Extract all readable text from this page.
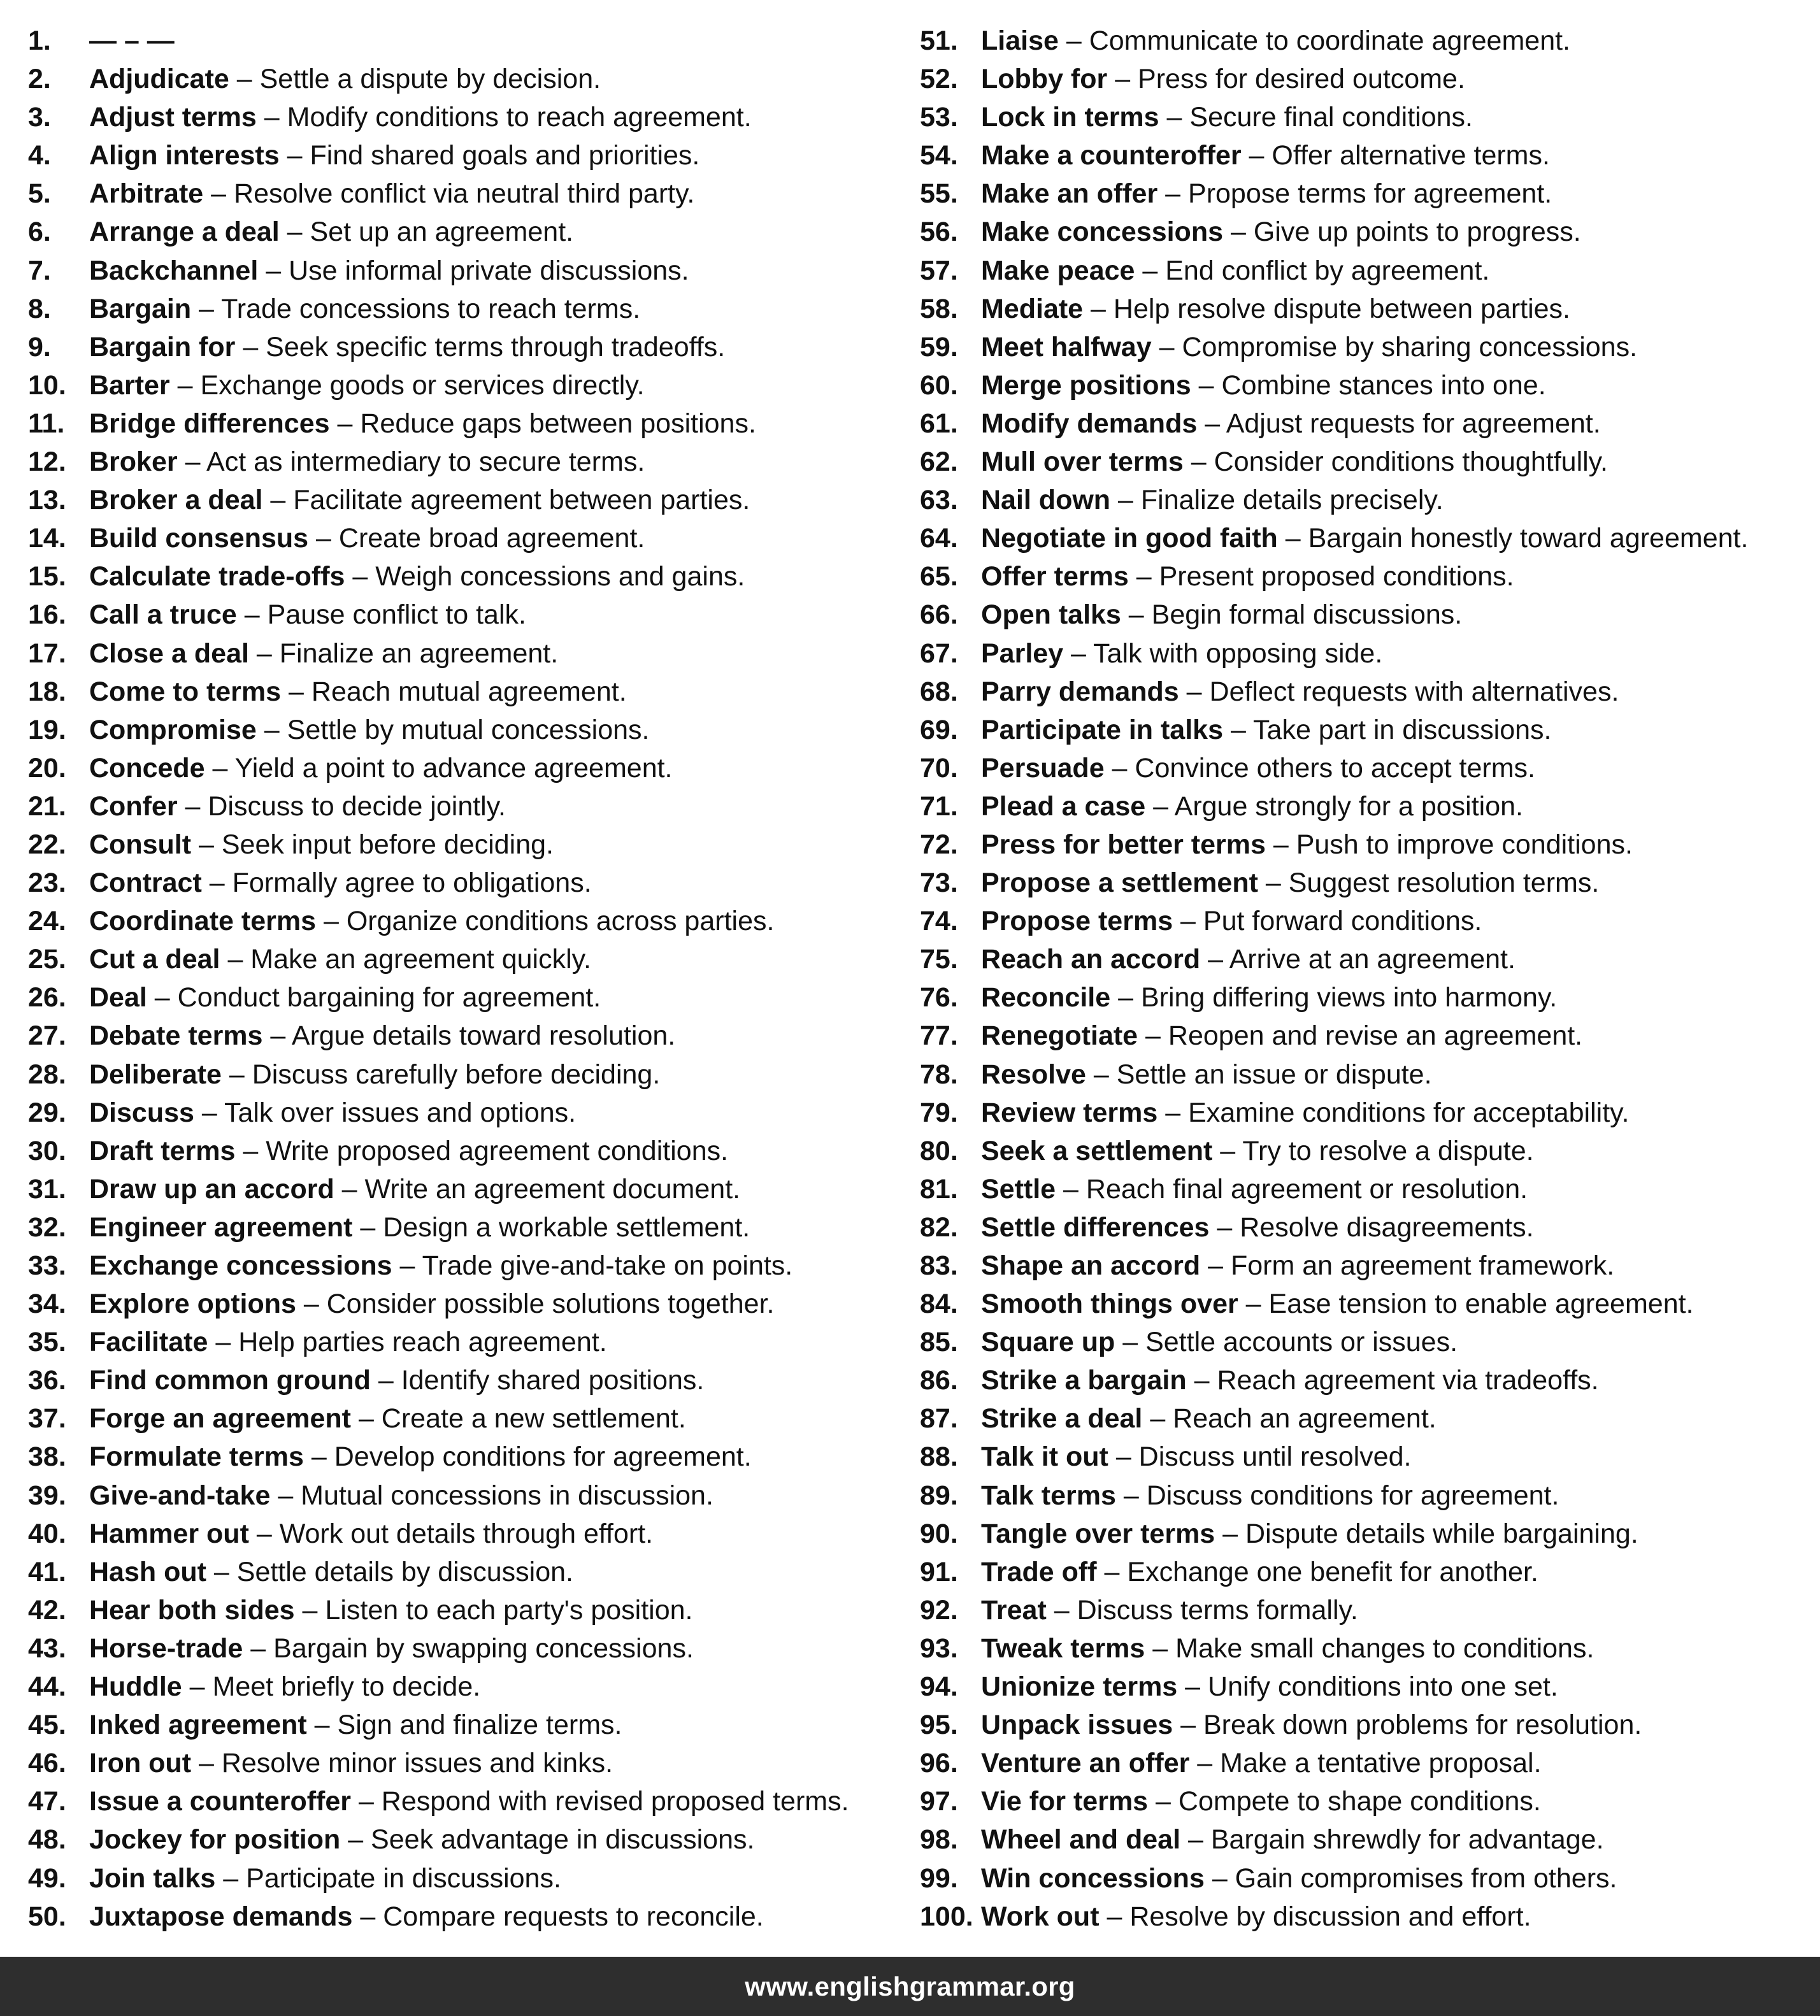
1.	— – —
2.	Adjudicate – Settle a dispute by decision.
3.	Adjust terms – Modify conditions to reach agreement.
4.	Align interests – Find shared goals and priorities.
5.	Arbitrate – Resolve conflict via neutral third party.
6.	Arrange a deal – Set up an agreement.
7.	Backchannel – Use informal private discussions.
8.	Bargain – Trade concessions to reach terms.
9.	Bargain for – Seek specific terms through tradeoffs.
10. Barter – Exchange goods or services directly.
11. Bridge differences – Reduce gaps between positions.
12. Broker – Act as intermediary to secure terms.
13. Broker a deal – Facilitate agreement between parties.
14. Build consensus – Create broad agreement.
15. Calculate trade-offs – Weigh concessions and gains.
16. Call a truce – Pause conflict to talk.
17. Close a deal – Finalize an agreement.
18. Come to terms – Reach mutual agreement.
19. Compromise – Settle by mutual concessions.
20. Concede – Yield a point to advance agreement.
21. Confer – Discuss to decide jointly.
22. Consult – Seek input before deciding.
23. Contract – Formally agree to obligations.
24. Coordinate terms – Organize conditions across parties.
25. Cut a deal – Make an agreement quickly.
26. Deal – Conduct bargaining for agreement.
27. Debate terms – Argue details toward resolution.
28. Deliberate – Discuss carefully before deciding.
29. Discuss – Talk over issues and options.
30. Draft terms – Write proposed agreement conditions.
31. Draw up an accord – Write an agreement document.
32. Engineer agreement – Design a workable settlement.
33. Exchange concessions – Trade give-and-take on points.
34. Explore options – Consider possible solutions together.
35. Facilitate – Help parties reach agreement.
36. Find common ground – Identify shared positions.
37. Forge an agreement – Create a new settlement.
38. Formulate terms – Develop conditions for agreement.
39. Give-and-take – Mutual concessions in discussion.
40. Hammer out – Work out details through effort.
41. Hash out – Settle details by discussion.
42. Hear both sides – Listen to each party's position.
43. Horse-trade – Bargain by swapping concessions.
44. Huddle – Meet briefly to decide.
45. Inked agreement – Sign and finalize terms.
46. Iron out – Resolve minor issues and kinks.
47. Issue a counteroffer – Respond with revised proposed terms.
48. Jockey for position – Seek advantage in discussions.
49. Join talks – Participate in discussions.
50. Juxtapose demands – Compare requests to reconcile.
51. Liaise – Communicate to coordinate agreement.
52. Lobby for – Press for desired outcome.
53. Lock in terms – Secure final conditions.
54. Make a counteroffer – Offer alternative terms.
55. Make an offer – Propose terms for agreement.
56. Make concessions – Give up points to progress.
57. Make peace – End conflict by agreement.
58. Mediate – Help resolve dispute between parties.
59. Meet halfway – Compromise by sharing concessions.
60. Merge positions – Combine stances into one.
61. Modify demands – Adjust requests for agreement.
62. Mull over terms – Consider conditions thoughtfully.
63. Nail down – Finalize details precisely.
64. Negotiate in good faith – Bargain honestly toward agreement.
65. Offer terms – Present proposed conditions.
66. Open talks – Begin formal discussions.
67. Parley – Talk with opposing side.
68. Parry demands – Deflect requests with alternatives.
69. Participate in talks – Take part in discussions.
70. Persuade – Convince others to accept terms.
71. Plead a case – Argue strongly for a position.
72. Press for better terms – Push to improve conditions.
73. Propose a settlement – Suggest resolution terms.
74. Propose terms – Put forward conditions.
75. Reach an accord – Arrive at an agreement.
76. Reconcile – Bring differing views into harmony.
77. Renegotiate – Reopen and revise an agreement.
78. Resolve – Settle an issue or dispute.
79. Review terms – Examine conditions for acceptability.
80. Seek a settlement – Try to resolve a dispute.
81. Settle – Reach final agreement or resolution.
82. Settle differences – Resolve disagreements.
83. Shape an accord – Form an agreement framework.
84. Smooth things over – Ease tension to enable agreement.
85. Square up – Settle accounts or issues.
86. Strike a bargain – Reach agreement via tradeoffs.
87. Strike a deal – Reach an agreement.
88. Talk it out – Discuss until resolved.
89. Talk terms – Discuss conditions for agreement.
90. Tangle over terms – Dispute details while bargaining.
91. Trade off – Exchange one benefit for another.
92. Treat – Discuss terms formally.
93. Tweak terms – Make small changes to conditions.
94. Unionize terms – Unify conditions into one set.
95. Unpack issues – Break down problems for resolution.
96. Venture an offer – Make a tentative proposal.
97. Vie for terms – Compete to shape conditions.
98. Wheel and deal – Bargain shrewdly for advantage.
99. Win concessions – Gain compromises from others.
100. Work out – Resolve by discussion and effort.
www.englishgrammar.org
